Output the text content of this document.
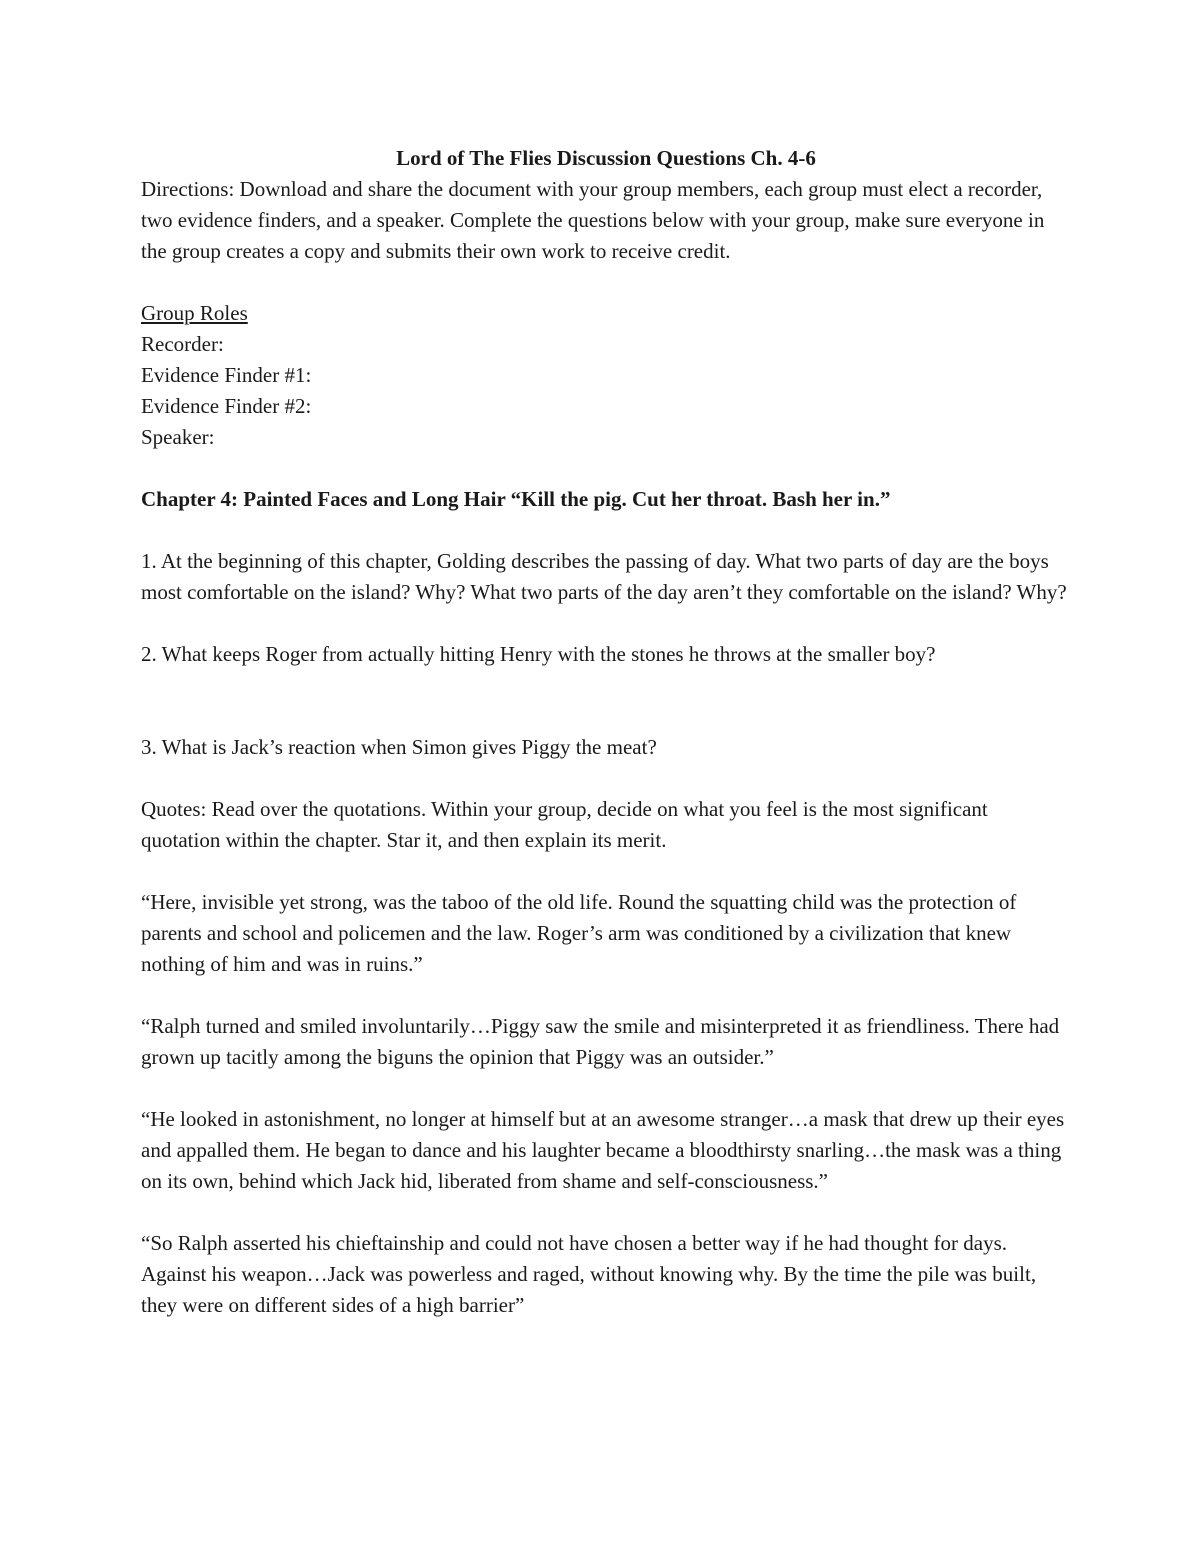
Lord of The Flies Discussion Questions Ch. 4-6

Directions: Download and share the document with your group members, each group must elect a recorder, two evidence finders, and a speaker. Complete the questions below with your group, make sure everyone in the group creates a copy and submits their own work to receive credit.

Group Roles

Recorder:

Evidence Finder #1:

Evidence Finder #2:

Speaker:

Chapter 4: Painted Faces and Long Hair “Kill the pig. Cut her throat. Bash her in.”

1. At the beginning of this chapter, Golding describes the passing of day. What two parts of day are the boys most comfortable on the island? Why? What two parts of the day aren’t they comfortable on the island? Why?

2. What keeps Roger from actually hitting Henry with the stones he throws at the smaller boy?

3. What is Jack’s reaction when Simon gives Piggy the meat?

Quotes: Read over the quotations. Within your group, decide on what you feel is the most significant quotation within the chapter. Star it, and then explain its merit.

“Here, invisible yet strong, was the taboo of the old life. Round the squatting child was the protection of parents and school and policemen and the law. Roger’s arm was conditioned by a civilization that knew nothing of him and was in ruins.”

“Ralph turned and smiled involuntarily…Piggy saw the smile and misinterpreted it as friendliness. There had grown up tacitly among the biguns the opinion that Piggy was an outsider.”

“He looked in astonishment, no longer at himself but at an awesome stranger…a mask that drew up their eyes and appalled them. He began to dance and his laughter became a bloodthirsty snarling…the mask was a thing on its own, behind which Jack hid, liberated from shame and self-consciousness.”

“So Ralph asserted his chieftainship and could not have chosen a better way if he had thought for days. Against his weapon…Jack was powerless and raged, without knowing why. By the time the pile was built, they were on different sides of a high barrier”
